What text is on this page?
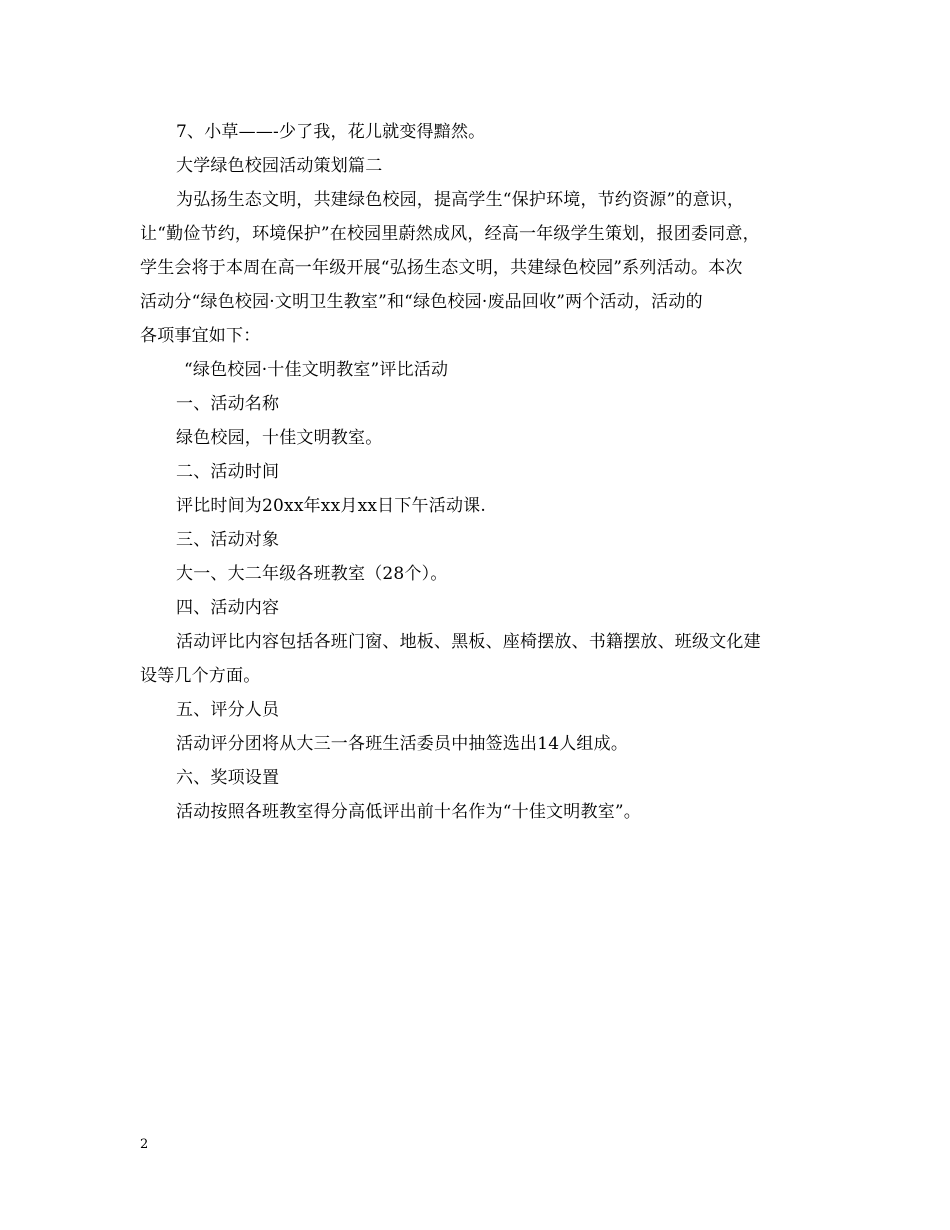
7、小草——-少了我，花儿就变得黯然。
大学绿色校园活动策划篇二
为弘扬生态文明，共建绿色校园，提高学生“保护环境，节约资源”的意识，
让“勤俭节约，环境保护”在校园里蔚然成风，经高一年级学生策划，报团委同意，
学生会将于本周在高一年级开展“弘扬生态文明，共建绿色校园”系列活动。本次
活动分“绿色校园·文明卫生教室”和“绿色校园·废品回收”两个活动，活动的
各项事宜如下：
“绿色校园·十佳文明教室”评比活动
一、活动名称
绿色校园，十佳文明教室。
二、活动时间
评比时间为20xx年xx月xx日下午活动课.
三、活动对象
大一、大二年级各班教室（28个）。
四、活动内容
活动评比内容包括各班门窗、地板、黑板、座椅摆放、书籍摆放、班级文化建
设等几个方面。
五、评分人员
活动评分团将从大三一各班生活委员中抽签选出14人组成。
六、奖项设置
活动按照各班教室得分高低评出前十名作为“十佳文明教室”。
2
